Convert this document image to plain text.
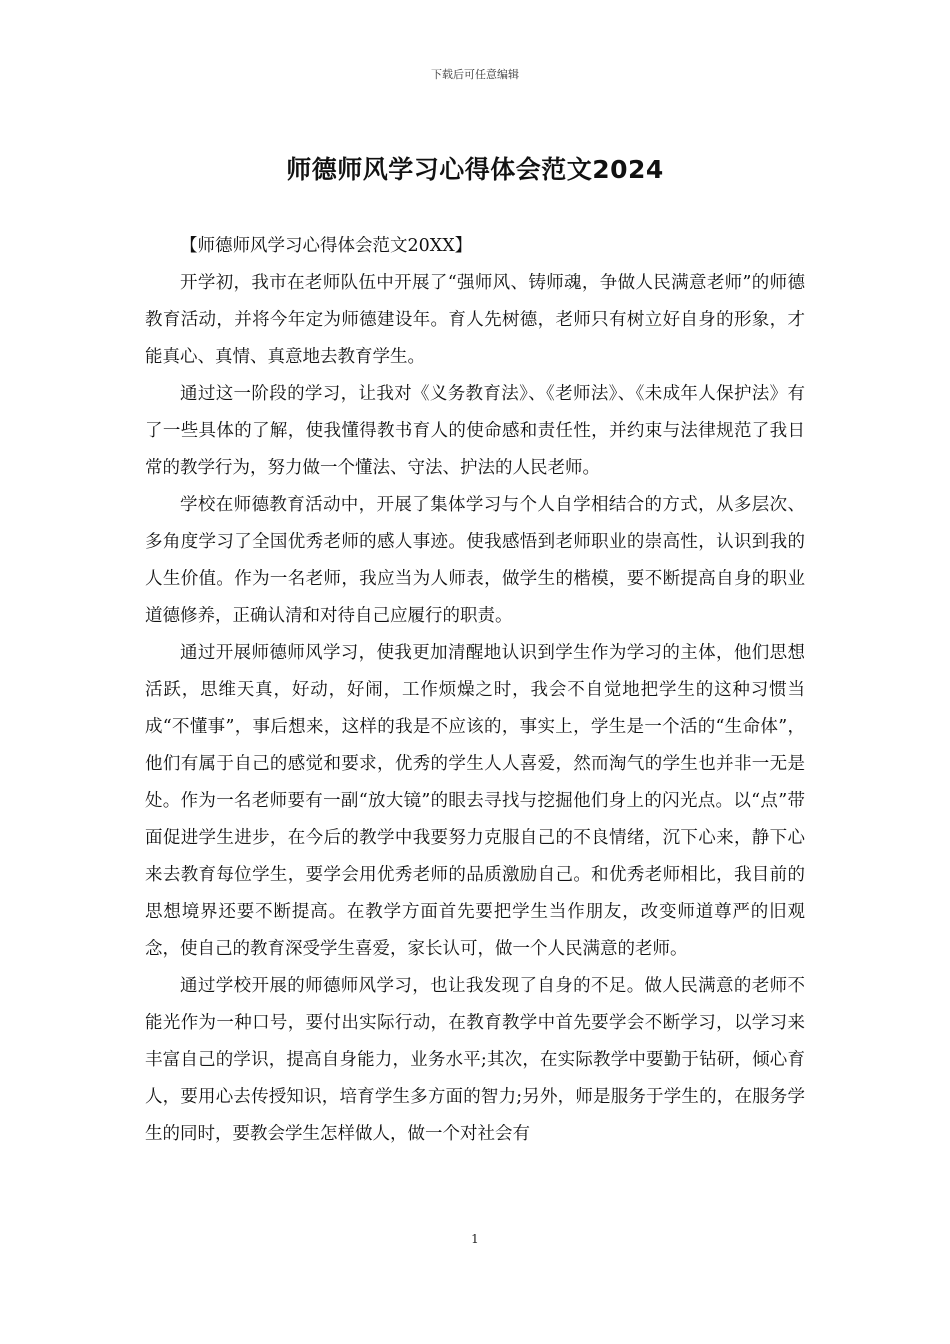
下载后可任意编辑
师德师风学习心得体会范文2024

【师德师风学习心得体会范文20XX】

开学初，我市在老师队伍中开展了“强师风、铸师魂，争做人民满意老师”的师德教育活动，并将今年定为师德建设年。育人先树德，老师只有树立好自身的形象，才能真心、真情、真意地去教育学生。

通过这一阶段的学习，让我对《义务教育法》、《老师法》、《未成年人保护法》有了一些具体的了解，使我懂得教书育人的使命感和责任性，并约束与法律规范了我日常的教学行为，努力做一个懂法、守法、护法的人民老师。

学校在师德教育活动中，开展了集体学习与个人自学相结合的方式，从多层次、多角度学习了全国优秀老师的感人事迹。使我感悟到老师职业的崇高性，认识到我的人生价值。作为一名老师，我应当为人师表，做学生的楷模，要不断提高自身的职业道德修养，正确认清和对待自己应履行的职责。

通过开展师德师风学习，使我更加清醒地认识到学生作为学习的主体，他们思想活跃，思维天真，好动，好闹，工作烦燥之时，我会不自觉地把学生的这种习惯当成“不懂事”，事后想来，这样的我是不应该的，事实上，学生是一个活的“生命体”，他们有属于自己的感觉和要求，优秀的学生人人喜爱，然而淘气的学生也并非一无是处。作为一名老师要有一副“放大镜”的眼去寻找与挖掘他们身上的闪光点。以“点”带面促进学生进步，在今后的教学中我要努力克服自己的不良情绪，沉下心来，静下心来去教育每位学生，要学会用优秀老师的品质激励自己。和优秀老师相比，我目前的思想境界还要不断提高。在教学方面首先要把学生当作朋友，改变师道尊严的旧观念，使自己的教育深受学生喜爱，家长认可，做一个人民满意的老师。

通过学校开展的师德师风学习，也让我发现了自身的不足。做人民满意的老师不能光作为一种口号，要付出实际行动，在教育教学中首先要学会不断学习，以学习来丰富自己的学识，提高自身能力，业务水平;其次，在实际教学中要勤于钻研，倾心育人，要用心去传授知识，培育学生多方面的智力;另外，师是服务于学生的，在服务学生的同时，要教会学生怎样做人，做一个对社会有

1
